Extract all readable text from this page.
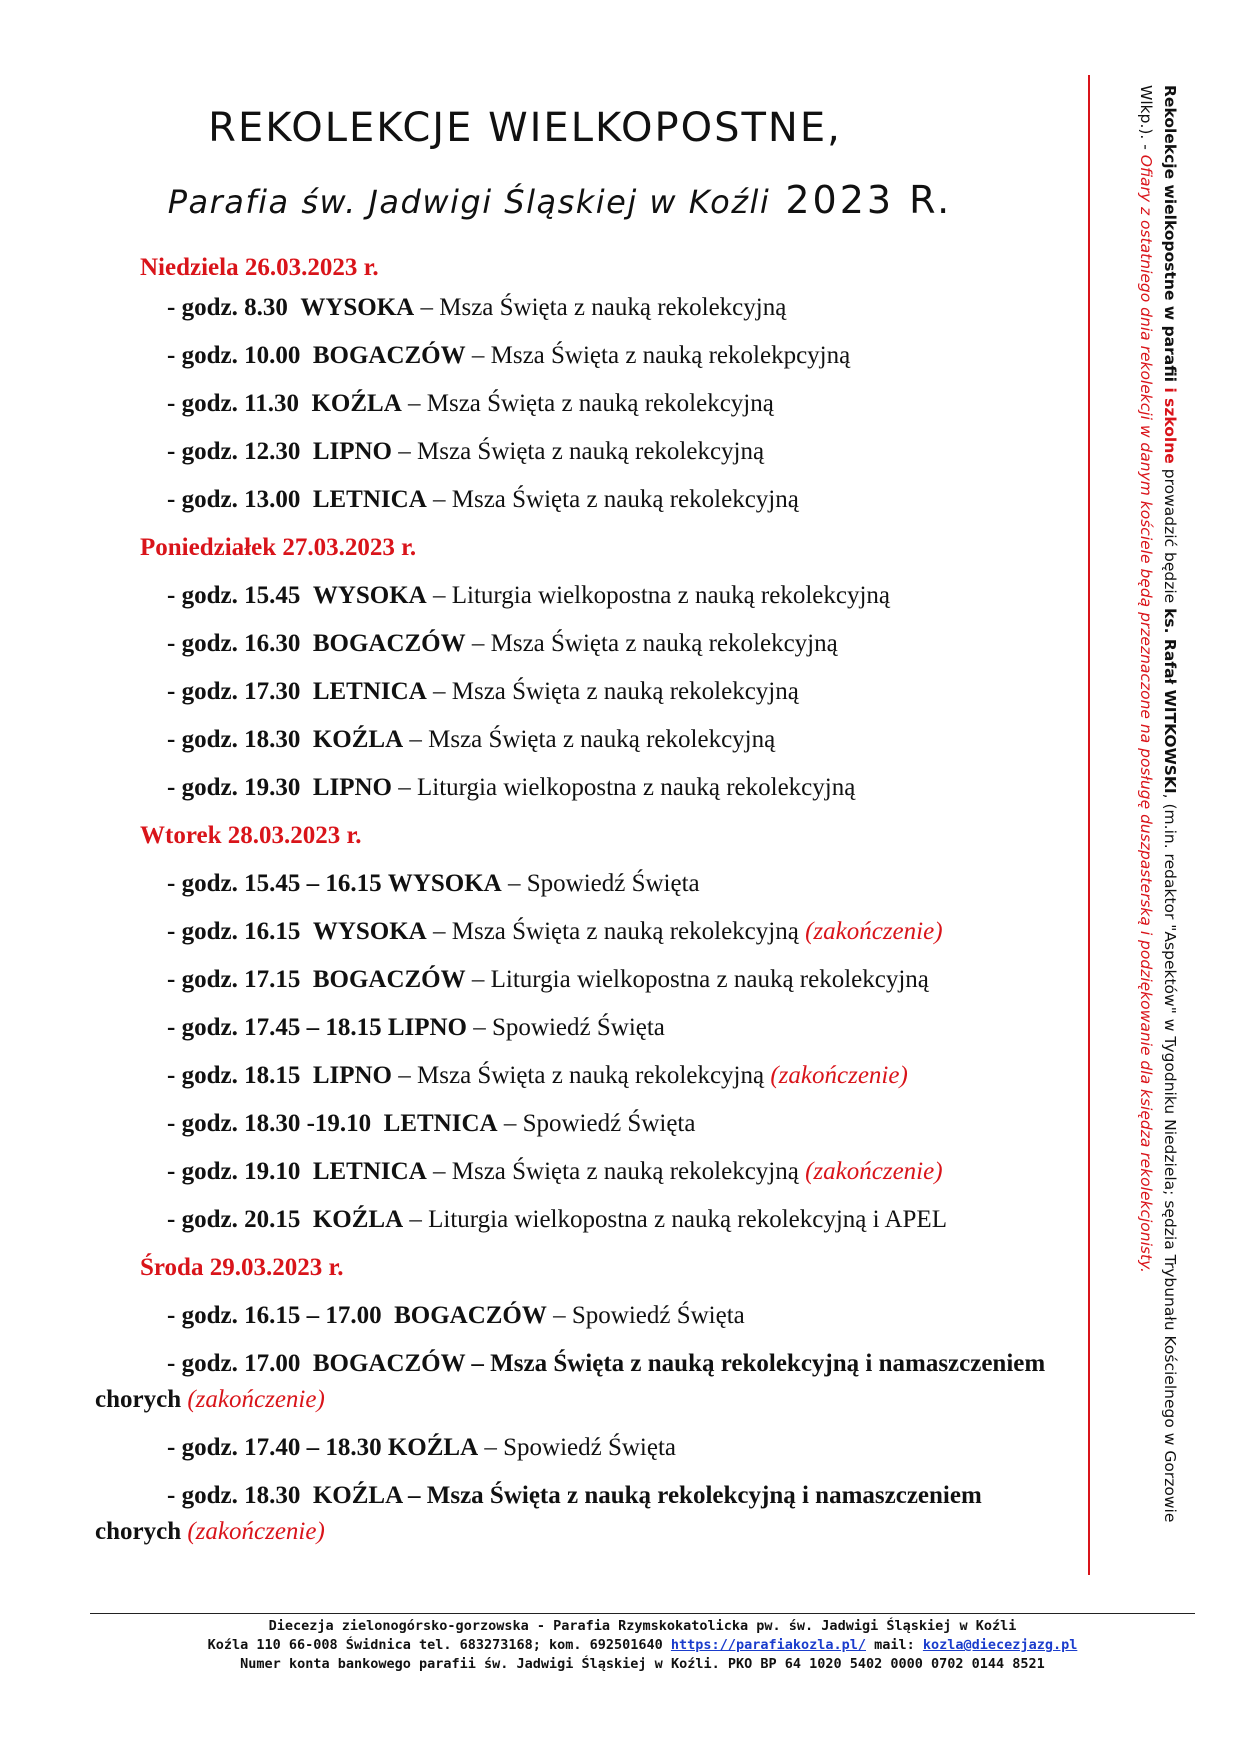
REKOLEKCJE WIELKOPOSTNE,
Parafia św. Jadwigi Śląskiej w Koźli 2023 R.
Niedziela 26.03.2023 r.
- godz. 8.30 WYSOKA – Msza Święta z nauką rekolekcyjną
- godz. 10.00 BOGACZÓW – Msza Święta z nauką rekolekpcyjną
- godz. 11.30 KOŹLA – Msza Święta z nauką rekolekcyjną
- godz. 12.30 LIPNO – Msza Święta z nauką rekolekcyjną
- godz. 13.00 LETNICA – Msza Święta z nauką rekolekcyjną
Poniedziałek 27.03.2023 r.
- godz. 15.45 WYSOKA – Liturgia wielkopostna z nauką rekolekcyjną
- godz. 16.30 BOGACZÓW – Msza Święta z nauką rekolekcyjną
- godz. 17.30 LETNICA – Msza Święta z nauką rekolekcyjną
- godz. 18.30 KOŹLA – Msza Święta z nauką rekolekcyjną
- godz. 19.30 LIPNO – Liturgia wielkopostna z nauką rekolekcyjną
Wtorek 28.03.2023 r.
- godz. 15.45 – 16.15 WYSOKA – Spowiedź Święta
- godz. 16.15 WYSOKA – Msza Święta z nauką rekolekcyjną (zakończenie)
- godz. 17.15 BOGACZÓW – Liturgia wielkopostna z nauką rekolekcyjną
- godz. 17.45 – 18.15 LIPNO – Spowiedź Święta
- godz. 18.15 LIPNO – Msza Święta z nauką rekolekcyjną (zakończenie)
- godz. 18.30 -19.10 LETNICA – Spowiedź Święta
- godz. 19.10 LETNICA – Msza Święta z nauką rekolekcyjną (zakończenie)
- godz. 20.15 KOŹLA – Liturgia wielkopostna z nauką rekolekcyjną i APEL
Środa 29.03.2023 r.
- godz. 16.15 – 17.00 BOGACZÓW – Spowiedź Święta
- godz. 17.00 BOGACZÓW – Msza Święta z nauką rekolekcyjną i namaszczeniem chorych (zakończenie)
- godz. 17.40 – 18.30 KOŹLA – Spowiedź Święta
- godz. 18.30 KOŹLA – Msza Święta z nauką rekolekcyjną i namaszczeniem chorych (zakończenie)
Rekolekcje wielkopostne w parafii i szkolne prowadzić będzie ks. Rafał WITKOWSKI, (m.in. redaktor "Aspektów" w Tygodniku Niedziela; sędzia Trybunału Kościelnego w Gorzowie Wlkp.). - Ofiary z ostatniego dnia rekolekcji w danym kościele będą przeznaczone na posługę duszpasterską i podziękowanie dla księdza rekolekcjonisty.
Diecezja zielonogórsko-gorzowska - Parafia Rzymskokatolicka pw. św. Jadwigi Śląskiej w Koźli
Koźla 110 66-008 Świdnica tel. 683273168; kom. 692501640 https://parafiakozla.pl/ mail: kozla@diecezjazg.pl
Numer konta bankowego parafii św. Jadwigi Śląskiej w Koźli. PKO BP 64 1020 5402 0000 0702 0144 8521
